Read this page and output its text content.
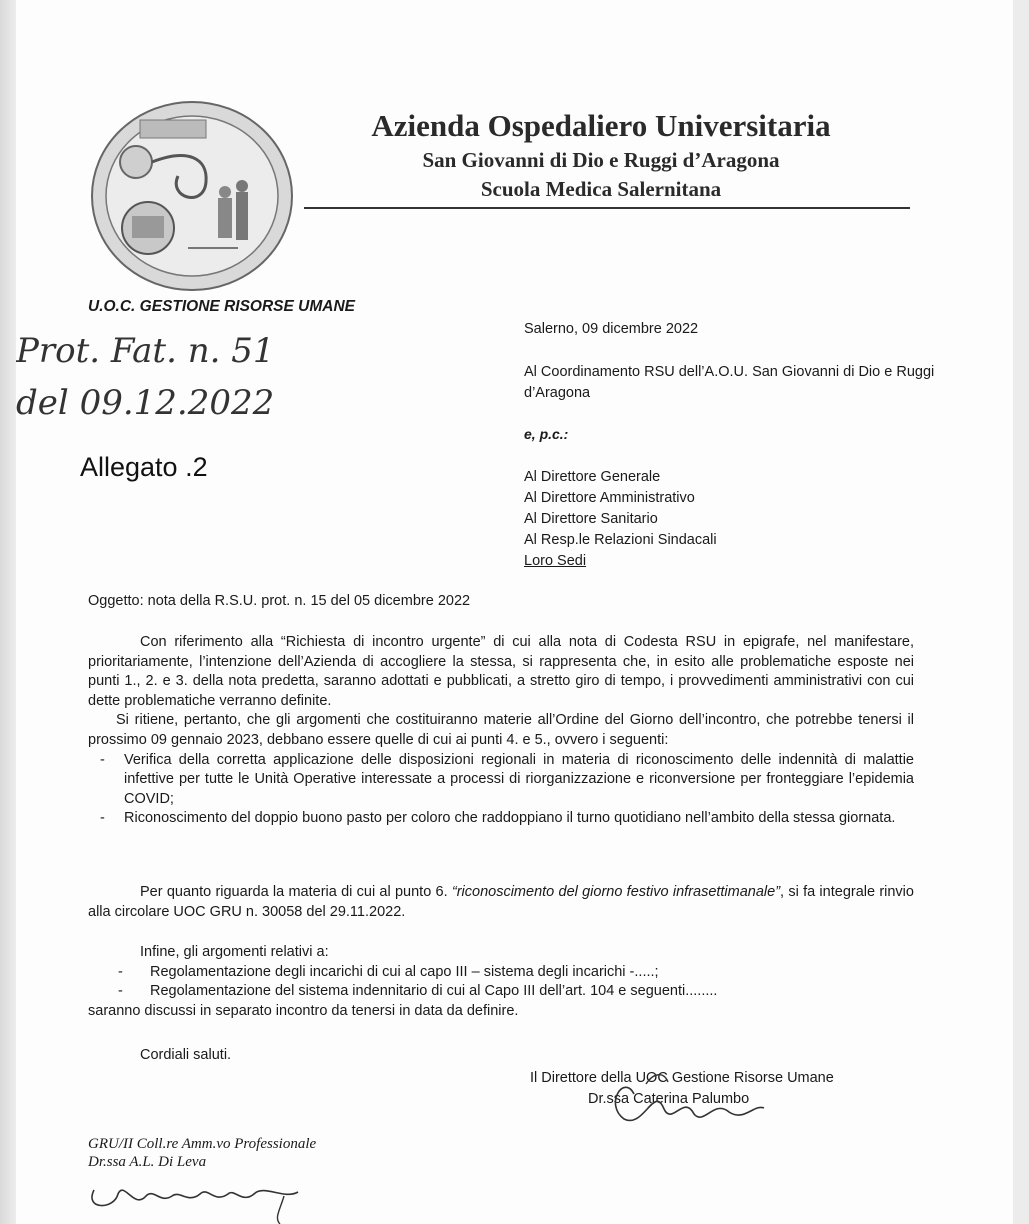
Azienda Ospedaliero Universitaria
San Giovanni di Dio e Ruggi d’Aragona
Scuola Medica Salernitana
U.O.C. GESTIONE RISORSE UMANE
Prot. Fat. n. 51
del 09.12.2022
Allegato .2
Salerno, 09 dicembre 2022
Al Coordinamento RSU dell’A.O.U. San Giovanni di Dio e Ruggi d’Aragona
e, p.c.:
Al Direttore Generale
Al Direttore Amministrativo
Al Direttore Sanitario
Al Resp.le Relazioni Sindacali
Loro Sedi
Oggetto: nota della R.S.U. prot. n. 15 del 05 dicembre 2022

Con riferimento alla “Richiesta di incontro urgente” di cui alla nota di Codesta RSU in epigrafe, nel manifestare, prioritariamente, l’intenzione dell’Azienda di accogliere la stessa, si rappresenta che, in esito alle problematiche esposte nei punti 1., 2. e 3. della nota predetta, saranno adottati e pubblicati, a stretto giro di tempo, i provvedimenti amministrativi con cui dette problematiche verranno definite.

Si ritiene, pertanto, che gli argomenti che costituiranno materie all’Ordine del Giorno dell’incontro, che potrebbe tenersi il prossimo 09 gennaio 2023, debbano essere quelle di cui ai punti 4. e 5., ovvero i seguenti:

-	Verifica della corretta applicazione delle disposizioni regionali in materia di riconoscimento delle indennità di malattie infettive per tutte le Unità Operative interessate a processi di riorganizzazione e riconversione per fronteggiare l’epidemia COVID;
-	Riconoscimento del doppio buono pasto per coloro che raddoppiano il turno quotidiano nell’ambito della stessa giornata.

Per quanto riguarda la materia di cui al punto 6. “riconoscimento del giorno festivo infrasettimanale”, si fa integrale rinvio alla circolare UOC GRU n. 30058 del 29.11.2022.

Infine, gli argomenti relativi a:
-	Regolamentazione degli incarichi di cui al capo III – sistema degli incarichi -.....;
-	Regolamentazione del sistema indennitario di cui al Capo III dell’art. 104 e seguenti........
saranno discussi in separato incontro da tenersi in data da definire.
Cordiali saluti.
Il Direttore della UOC Gestione Risorse Umane
Dr.ssa Caterina Palumbo
GRU/II Coll.re Amm.vo Professionale
Dr.ssa A.L. Di Leva
